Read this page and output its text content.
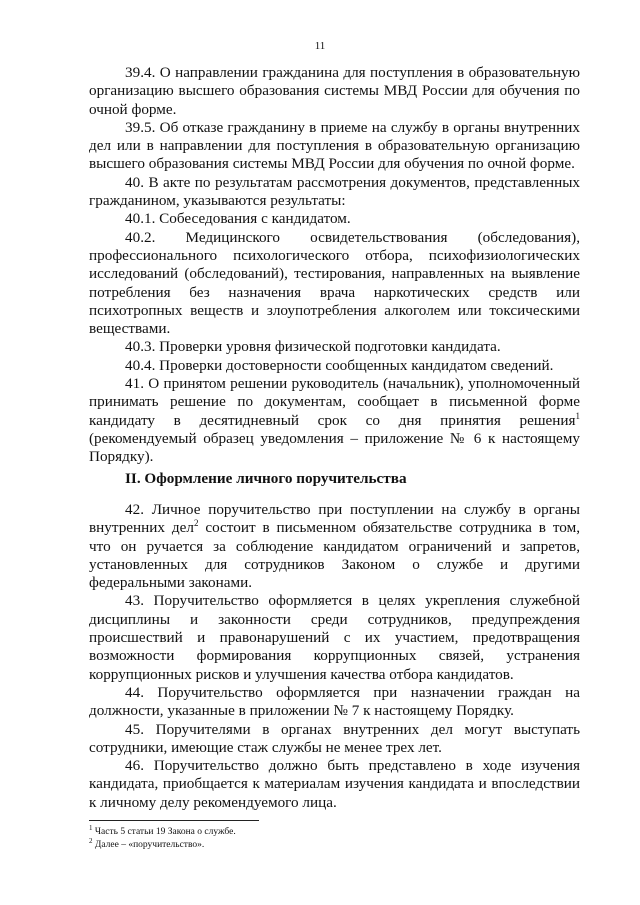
11

39.4. О направлении гражданина для поступления в образовательную организацию высшего образования системы МВД России для обучения по очной форме.

39.5. Об отказе гражданину в приеме на службу в органы внутренних дел или в направлении для поступления в образовательную организацию высшего образования системы МВД России для обучения по очной форме.

40. В акте по результатам рассмотрения документов, представленных гражданином, указываются результаты:

40.1. Собеседования с кандидатом.

40.2. Медицинского освидетельствования (обследования), профессионального психологического отбора, психофизиологических исследований (обследований), тестирования, направленных на выявление потребления без назначения врача наркотических средств или психотропных веществ и злоупотребления алкоголем или токсическими веществами.

40.3. Проверки уровня физической подготовки кандидата.

40.4. Проверки достоверности сообщенных кандидатом сведений.

41. О принятом решении руководитель (начальник), уполномоченный принимать решение по документам, сообщает в письменной форме кандидату в десятидневный срок со дня принятия решения$^1$ (рекомендуемый образец уведомления – приложение № 6 к настоящему Порядку).

II. Оформление личного поручительства

42. Личное поручительство при поступлении на службу в органы внутренних дел$^2$ состоит в письменном обязательстве сотрудника в том, что он ручается за соблюдение кандидатом ограничений и запретов, установленных для сотрудников Законом о службе и другими федеральными законами.

43. Поручительство оформляется в целях укрепления служебной дисциплины и законности среди сотрудников, предупреждения происшествий и правонарушений с их участием, предотвращения возможности формирования коррупционных связей, устранения коррупционных рисков и улучшения качества отбора кандидатов.

44. Поручительство оформляется при назначении граждан на должности, указанные в приложении № 7 к настоящему Порядку.

45. Поручителями в органах внутренних дел могут выступать сотрудники, имеющие стаж службы не менее трех лет.

46. Поручительство должно быть представлено в ходе изучения кандидата, приобщается к материалам изучения кандидата и впоследствии к личному делу рекомендуемого лица.

$^1$ Часть 5 статьи 19 Закона о службе.
$^2$ Далее – «поручительство».
